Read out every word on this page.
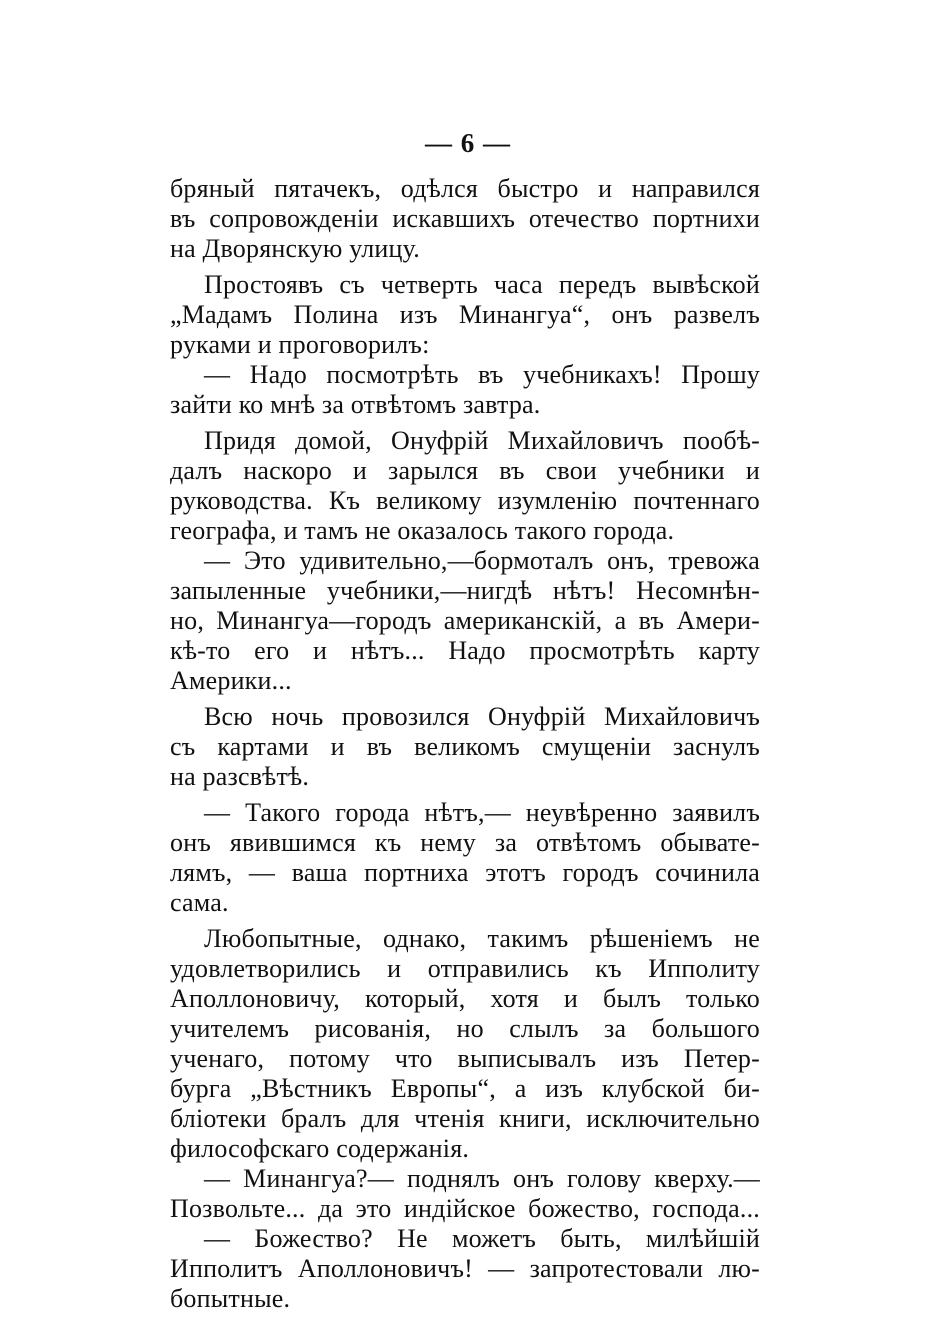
— 6 —
бряный пятачекъ, одѣлся быстро и направился
въ сопровожденіи искавшихъ отечество портнихи
на Дворянскую улицу.
Простоявъ съ четверть часа передъ вывѣской
„Мадамъ Полина изъ Минангуа“, онъ развелъ
руками и проговорилъ:
— Надо посмотрѣть въ учебникахъ! Прошу
зайти ко мнѣ за отвѣтомъ завтра.
Придя домой, Онуфрій Михайловичъ пообѣ-
далъ наскоро и зарылся въ свои учебники и
руководства. Къ великому изумленію почтеннаго
географа, и тамъ не оказалось такого города.
— Это удивительно,—бормоталъ онъ, тревожа
запыленные учебники,—нигдѣ нѣтъ! Несомнѣн-
но, Минангуа—городъ американскій, а въ Амери-
кѣ-то его и нѣтъ... Надо просмотрѣть карту
Америки...
Всю ночь провозился Онуфрій Михайловичъ
съ картами и въ великомъ смущеніи заснулъ
на разсвѣтѣ.
— Такого города нѣтъ,— неувѣренно заявилъ
онъ явившимся къ нему за отвѣтомъ обывате-
лямъ, — ваша портниха этотъ городъ сочинила
сама.
Любопытные, однако, такимъ рѣшеніемъ не
удовлетворились и отправились къ Ипполиту
Аполлоновичу, который, хотя и былъ только
учителемъ рисованія, но слылъ за большого
ученаго, потому что выписывалъ изъ Петер-
бурга „Вѣстникъ Европы“, а изъ клубской би-
бліотеки бралъ для чтенія книги, исключительно
философскаго содержанія.
— Минангуа?— поднялъ онъ голову кверху.—
Позвольте... да это индійское божество, господа...
— Божество? Не можетъ быть, милѣйшій
Ипполитъ Аполлоновичъ! — запротестовали лю-
бопытные.
